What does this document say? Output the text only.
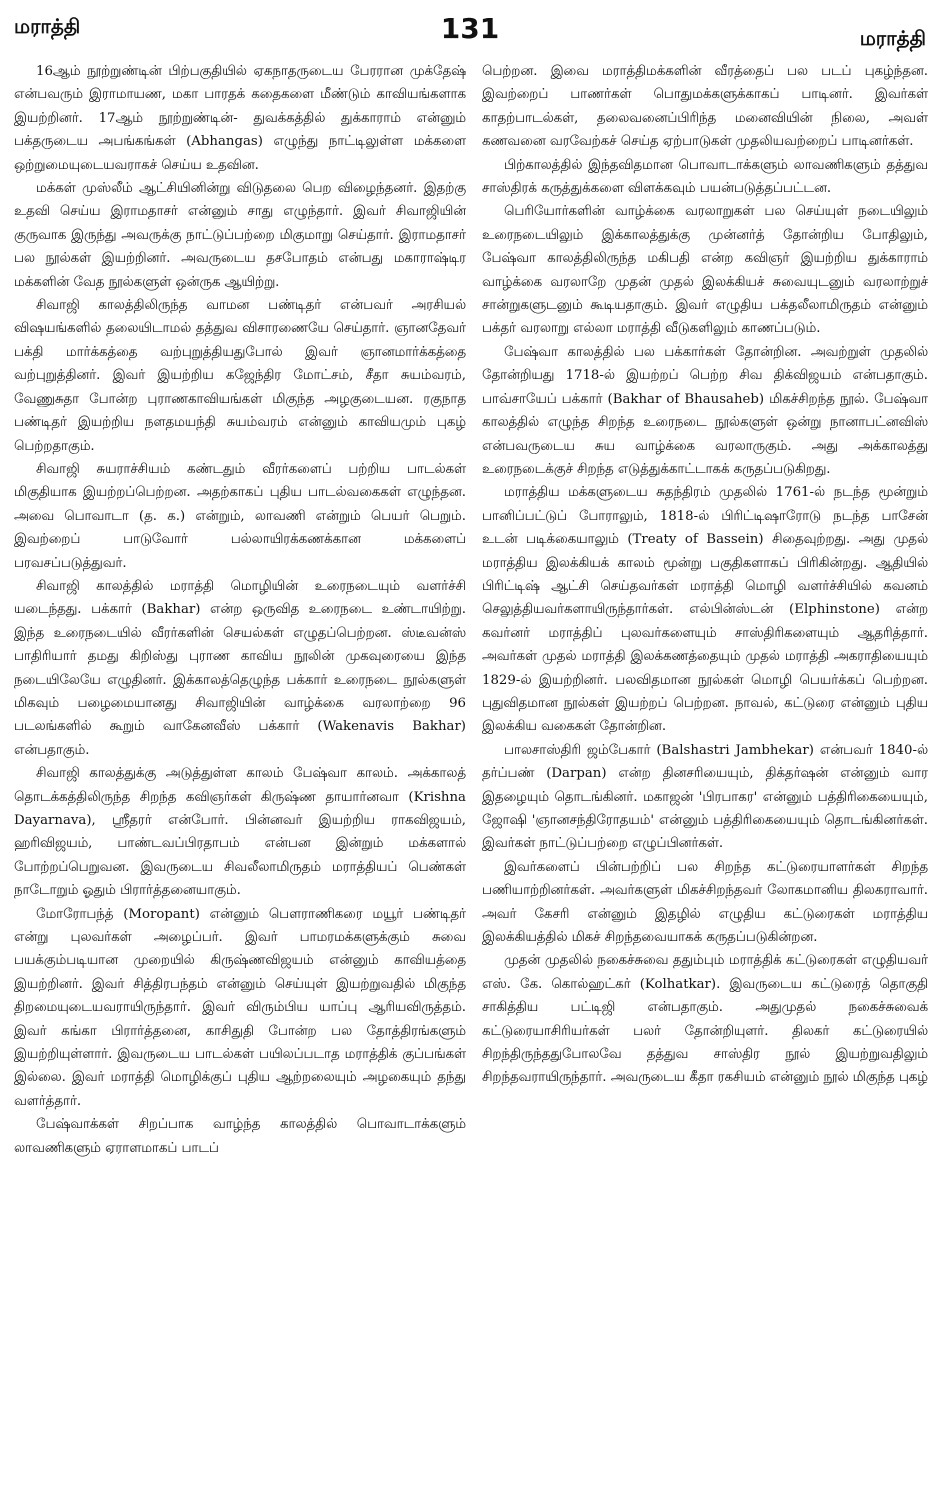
மராத்தி	131	மராத்தி

16ஆம் நூற்றுண்டின் பிற்பகுதியில் ஏகநாதருடைய பேரரான முக்தேஷ் என்பவரும் இராமாயண, மகா பாரதக் கதைகளை மீண்டும் காவியங்களாக இயற்றினர். 17ஆம் நூற்றுண்டின்- துவக்கத்தில் துக்காராம் என்னும் பக்தருடைய அபங்கங்கள் (Abhangas) எழுந்து நாட்டிலுள்ள மக்களை ஒற்றுமையுடையவராகச் செய்ய உதவின.

மக்கள் முஸ்லீம் ஆட்சியினின்று விடுதலை பெற விழைந்தனர். இதற்கு உதவி செய்ய இராமதாசர் என்னும் சாது எழுந்தார். இவர் சிவாஜியின் குருவாக இருந்து அவருக்கு நாட்டுப்பற்றை மிகுமாறு செய்தார். இராமதாசர் பல நூல்கள் இயற்றினர். அவருடைய தசபோதம் என்பது மகாராஷ்டிர மக்களின் வேத நூல்களுள் ஒன்ருக ஆயிற்று.

சிவாஜி காலத்திலிருந்த வாமன பண்டிதர் என்பவர் அரசியல் விஷயங்களில் தலையிடாமல் தத்துவ விசாரணையே செய்தார். ஞானதேவர் பக்தி மார்க்கத்தை வற்புறுத்தியதுபோல் இவர் ஞானமார்க்கத்தை வற்புறுத்தினர். இவர் இயற்றிய கஜேந்திர மோட்சம், சீதா சுயம்வரம், வேணுசுதா போன்ற புராணகாவியங்கள் மிகுந்த அழகுடையன. ரகுநாத பண்டிதர் இயற்றிய நளதமயந்தி சுயம்வரம் என்னும் காவியமும் புகழ் பெற்றதாகும்.

சிவாஜி சுயராச்சியம் கண்டதும் வீரர்களைப் பற்றிய பாடல்கள் மிகுதியாக இயற்றப்பெற்றன. அதற்காகப் புதிய பாடல்வகைகள் எழுந்தன. அவை பொவாடா (த. க.) என்றும், லாவணி என்றும் பெயர் பெறும். இவற்றைப் பாடுவோர் பல்லாயிரக்கணக்கான மக்களைப் பரவசப்படுத்துவர்.

சிவாஜி காலத்தில் மராத்தி மொழியின் உரைநடையும் வளர்ச்சி யடைந்தது. பக்கார் (Bakhar) என்ற ஒருவித உரைநடை உண்டாயிற்று. இந்த உரைநடையில் வீரர்களின் செயல்கள் எழுதப்பெற்றன. ஸ்டீவன்ஸ் பாதிரியார் தமது கிறிஸ்து புராண காவிய நூலின் முகவுரையை இந்த நடையிலேயே எழுதினர். இக்காலத்தெழுந்த பக்கார் உரைநடை நூல்களுள் மிகவும் பழைமையானது சிவாஜியின் வாழ்க்கை வரலாற்றை 96 படலங்களில் கூறும் வாகேனவீஸ் பக்கார் (Wakenavis Bakhar) என்பதாகும்.

சிவாஜி காலத்துக்கு அடுத்துள்ள காலம் பேஷ்வா காலம். அக்காலத் தொடக்கத்திலிருந்த சிறந்த கவிஞர்கள் கிருஷ்ண தாயார்னவா (Krishna Dayarnava), ஸ்ரீதரர் என்போர். பின்னவர் இயற்றிய ராகவிஜயம், ஹரிவிஜயம், பாண்டவப்பிரதாபம் என்பன இன்றும் மக்களால் போற்றப்பெறுவன. இவருடைய சிவலீலாமிருதம் மராத்தியப் பெண்கள் நாடோறும் ஓதும் பிரார்த்தனையாகும்.

மோரோபந்த் (Moropant) என்னும் பௌராணிகரை மயூர் பண்டிதர் என்று புலவர்கள் அழைப்பர். இவர் பாமரமக்களுக்கும் சுவை பயக்கும்படியான முறையில் கிருஷ்ணவிஜயம் என்னும் காவியத்தை இயற்றினர். இவர் சித்திரபந்தம் என்னும் செய்யுள் இயற்றுவதில் மிகுந்த திறமையுடையவராயிருந்தார். இவர் விரும்பிய யாப்பு ஆரியவிருத்தம். இவர் கங்கா பிரார்த்தனை, காசிதுதி போன்ற பல தோத்திரங்களும் இயற்றியுள்ளார். இவருடைய பாடல்கள் பயிலப்படாத மராத்திக் குப்பங்கள் இல்லை. இவர் மராத்தி மொழிக்குப் புதிய ஆற்றலையும் அழகையும் தந்து வளர்த்தார்.

பேஷ்வாக்கள் சிறப்பாக வாழ்ந்த காலத்தில் பொவாடாக்களும் லாவணிகளும் ஏராளமாகப் பாடப்

பெற்றன. இவை மராத்திமக்களின் வீரத்தைப் பல படப் புகழ்ந்தன. இவற்றைப் பாணர்கள் பொதுமக்களுக்காகப் பாடினர். இவர்கள் காதற்பாடல்கள், தலைவனைப்பிரிந்த மனைவியின் நிலை, அவள் கணவனை வரவேற்கச் செய்த ஏற்பாடுகள் முதலியவற்றைப் பாடினர்கள்.

பிற்காலத்தில் இந்தவிதமான பொவாடாக்களும் லாவணிகளும் தத்துவ சாஸ்திரக் கருத்துக்களை விளக்கவும் பயன்படுத்தப்பட்டன.

பெரியோர்களின் வாழ்க்கை வரலாறுகள் பல செய்யுள் நடையிலும் உரைநடையிலும் இக்காலத்துக்கு முன்னர்த் தோன்றிய போதிலும், பேஷ்வா காலத்திலிருந்த மகிபதி என்ற கவிஞர் இயற்றிய துக்காராம் வாழ்க்கை வரலாறே முதன் முதல் இலக்கியச் சுவையுடனும் வரலாற்றுச் சான்றுகளுடனும் கூடியதாகும். இவர் எழுதிய பக்தலீலாமிருதம் என்னும் பக்தர் வரலாறு எல்லா மராத்தி வீடுகளிலும் காணப்படும்.

பேஷ்வா காலத்தில் பல பக்கார்கள் தோன்றின. அவற்றுள் முதலில் தோன்றியது 1718-ல் இயற்றப் பெற்ற சிவ திக்விஜயம் என்பதாகும். பாவ்சாயேப் பக்கார் (Bakhar of Bhausaheb) மிகச்சிறந்த நூல். பேஷ்வா காலத்தில் எழுந்த சிறந்த உரைநடை நூல்களுள் ஒன்று நானாபட்னவிஸ் என்பவருடைய சுய வாழ்க்கை வரலாருகும். அது அக்காலத்து உரைநடைக்குச் சிறந்த எடுத்துக்காட்டாகக் கருதப்படுகிறது.

மராத்திய மக்களுடைய சுதந்திரம் முதலில் 1761-ல் நடந்த மூன்றும் பானிப்பட்டுப் போராலும், 1818-ல் பிரிட்டிஷாரோடு நடந்த பாசேன் உடன் படிக்கையாலும் (Treaty of Bassein) சிதைவுற்றது. அது முதல் மராத்திய இலக்கியக் காலம் மூன்று பகுதிகளாகப் பிரிகின்றது. ஆதியில் பிரிட்டிஷ் ஆட்சி செய்தவர்கள் மராத்தி மொழி வளர்ச்சியில் கவனம் செலுத்தியவர்களாயிருந்தார்கள். எல்பின்ஸ்டன் (Elphinstone) என்ற கவர்னர் மராத்திப் புலவர்களையும் சாஸ்திரிகளையும் ஆதரித்தார். அவர்கள் முதல் மராத்தி இலக்கணத்தையும் முதல் மராத்தி அகராதியையும் 1829-ல் இயற்றினர். பலவிதமான நூல்கள் மொழி பெயர்க்கப் பெற்றன. புதுவிதமான நூல்கள் இயற்றப் பெற்றன. நாவல், கட்டுரை என்னும் புதிய இலக்கிய வகைகள் தோன்றின.

பாலசாஸ்திரி ஜம்பேகார் (Balshastri Jambhekar) என்பவர் 1840-ல் தர்ப்பண் (Darpan) என்ற தினசரியையும், திக்தர்ஷன் என்னும் வார இதழையும் தொடங்கினர். மகாஜன் 'பிரபாகர' என்னும் பத்திரிகையையும், ஜோஷி 'ஞானசந்திரோதயம்' என்னும் பத்திரிகையையும் தொடங்கினர்கள். இவர்கள் நாட்டுப்பற்றை எழுப்பினர்கள்.

இவர்களைப் பின்பற்றிப் பல சிறந்த கட்டுரையாளர்கள் சிறந்த பணியாற்றினர்கள். அவர்களுள் மிகச்சிறந்தவர் லோகமானிய திலகராவார். அவர் கேசரி என்னும் இதழில் எழுதிய கட்டுரைகள் மராத்திய இலக்கியத்தில் மிகச் சிறந்தவையாகக் கருதப்படுகின்றன.

முதன் முதலில் நகைச்சுவை ததும்பும் மராத்திக் கட்டுரைகள் எழுதியவர் எஸ். கே. கொல்ஹட்கர் (Kolhatkar). இவருடைய கட்டுரைத் தொகுதி சாகித்திய பட்டிஜி என்பதாகும். அதுமுதல் நகைச்சுவைக் கட்டுரையாசிரியர்கள் பலர் தோன்றியுளர். திலகர் கட்டுரையில் சிறந்திருந்ததுபோலவே தத்துவ சாஸ்திர நூல் இயற்றுவதிலும் சிறந்தவராயிருந்தார். அவருடைய கீதா ரகசியம் என்னும் நூல் மிகுந்த புகழ்
